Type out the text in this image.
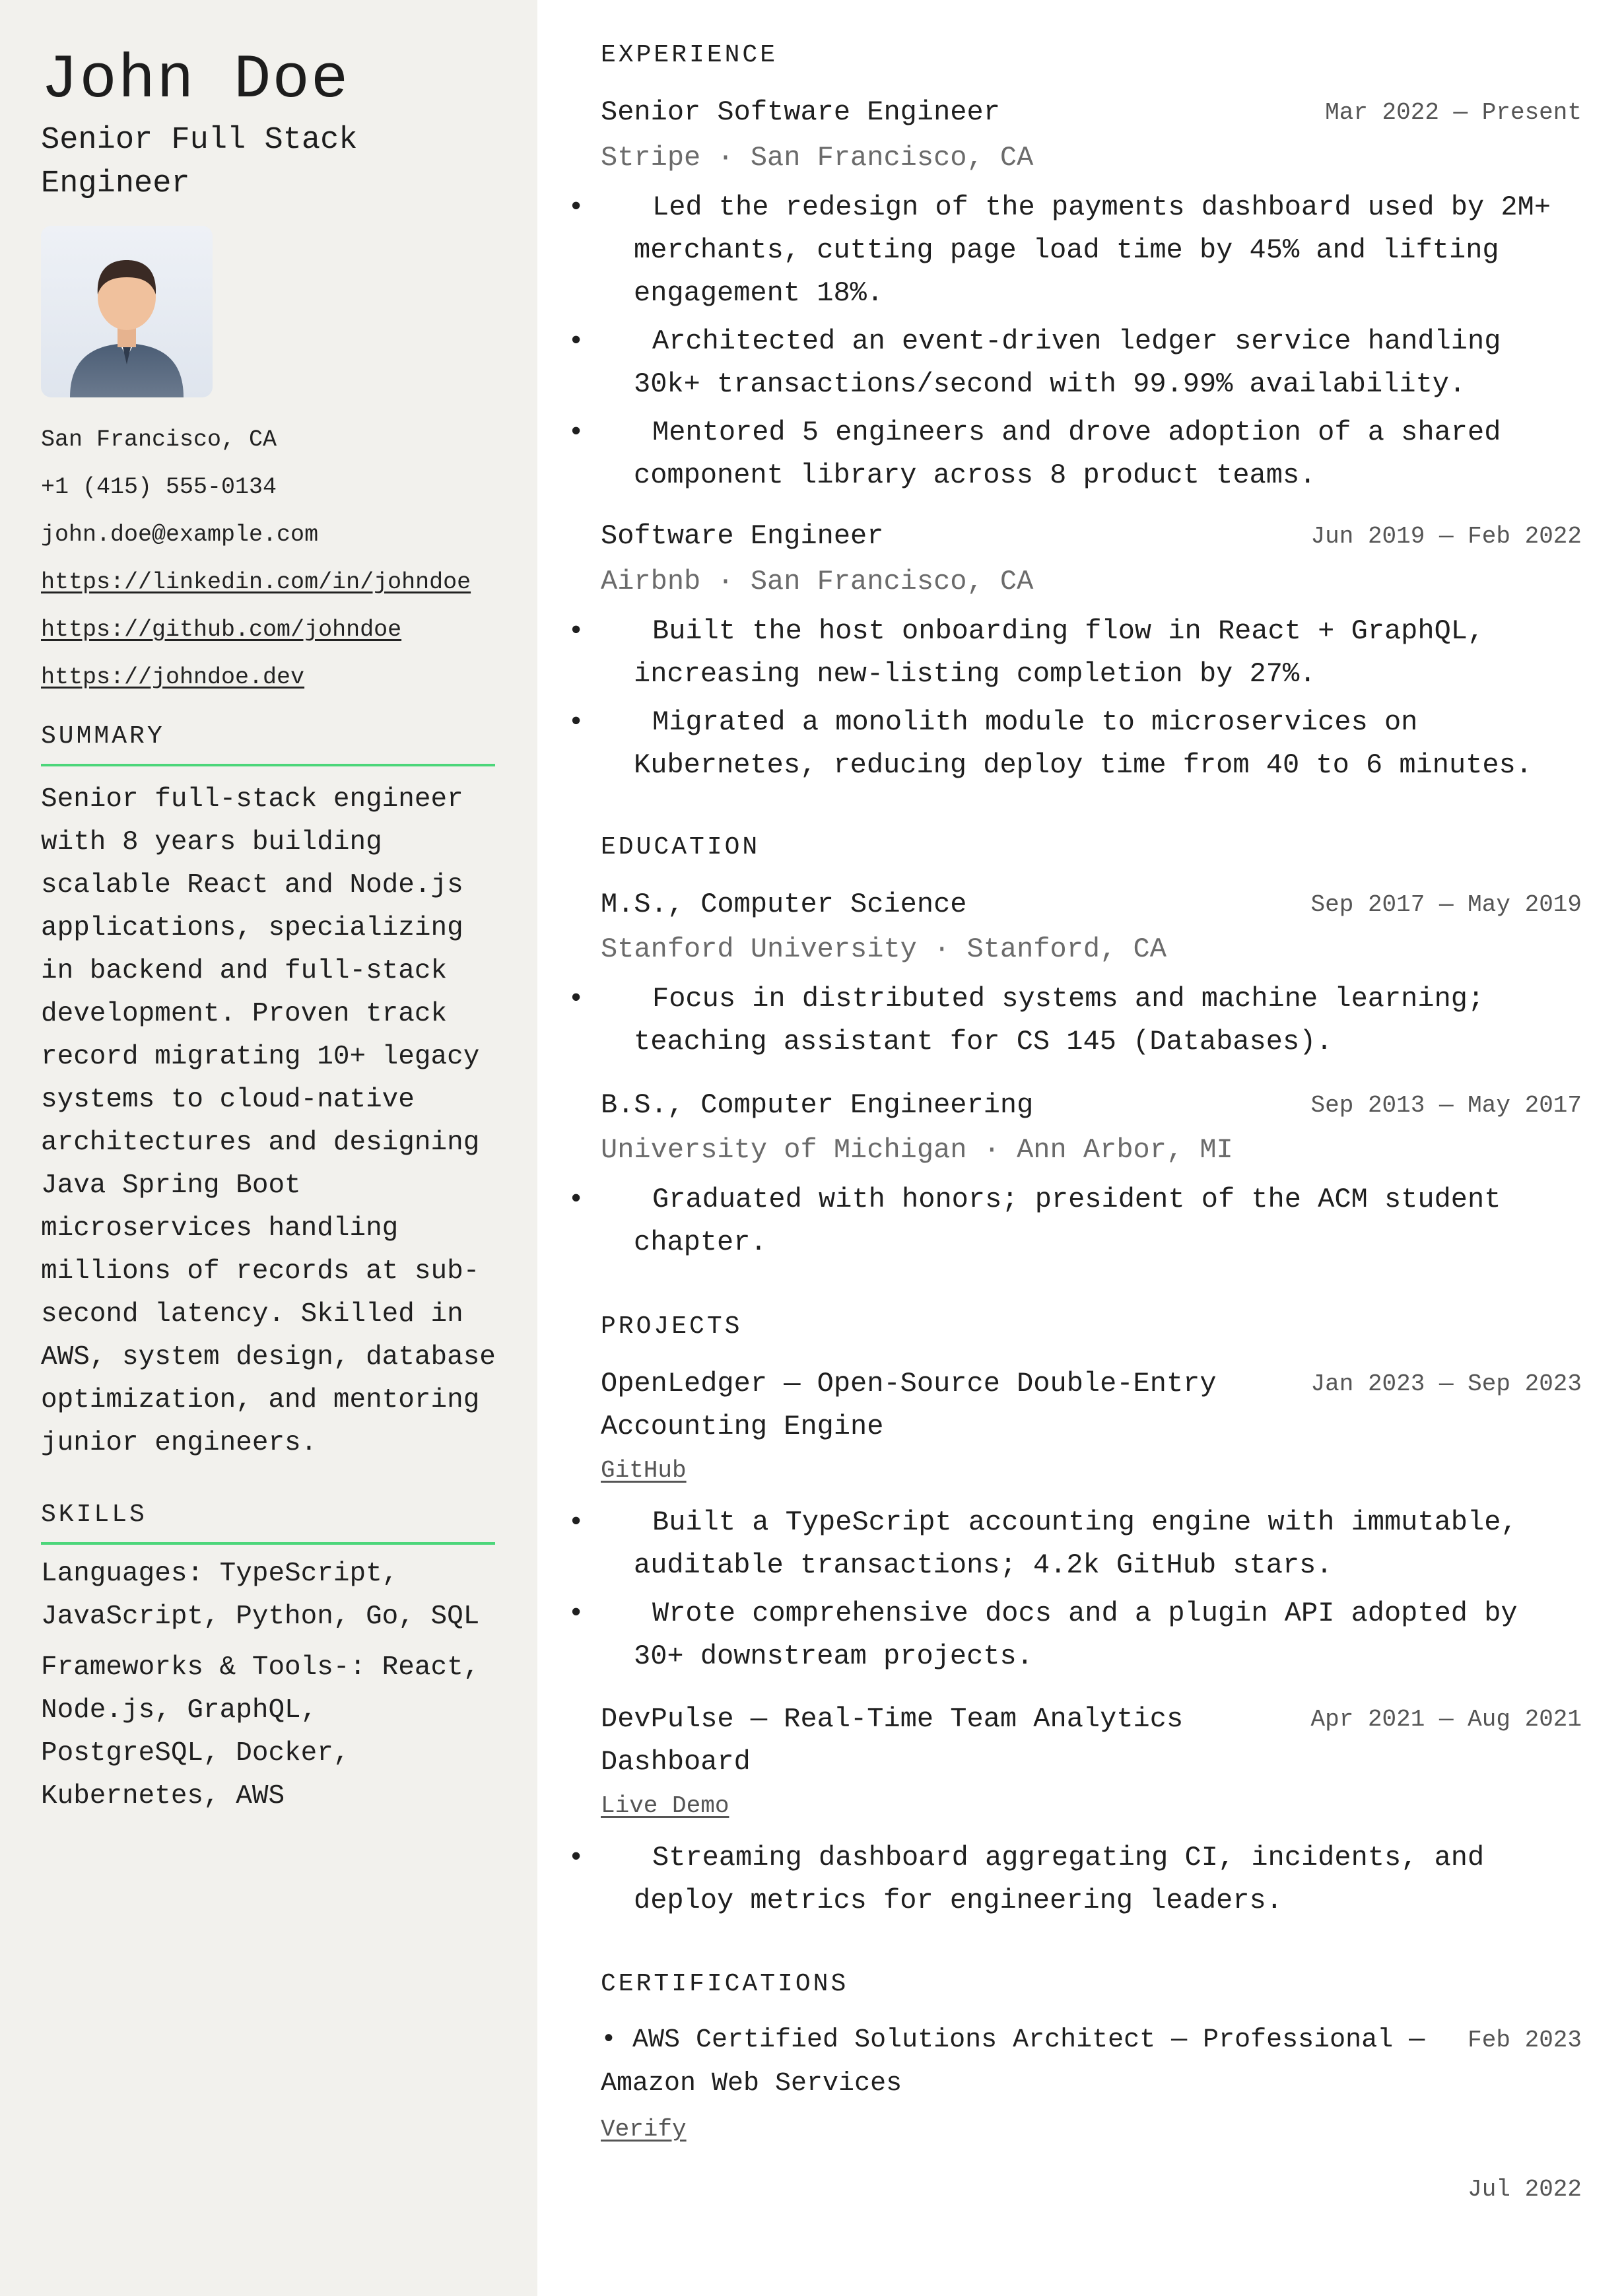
John Doe
Senior Full Stack Engineer
San Francisco, CA
+1 (415) 555-0134
john.doe@example.com
https://linkedin.com/in/johndoe
https://github.com/johndoe
https://johndoe.dev
SUMMARY
Senior full-stack engineer with 8 years building scalable React and Node.js applications, specializing in backend and full-stack development. Proven track record migrating 10+ legacy systems to cloud-native architectures and designing Java Spring Boot microservices handling millions of records at sub-second latency. Skilled in AWS, system design, database optimization, and mentoring junior engineers.
SKILLS
Languages: TypeScript, JavaScript, Python, Go, SQL
Frameworks & Tools-: React, Node.js, GraphQL, PostgreSQL, Docker, Kubernetes, AWS
EXPERIENCE
Senior Software Engineer	Mar 2022 — Present
Stripe · San Francisco, CA
• Led the redesign of the payments dashboard used by 2M+ merchants, cutting page load time by 45% and lifting engagement 18%.
• Architected an event-driven ledger service handling 30k+ transactions/second with 99.99% availability.
• Mentored 5 engineers and drove adoption of a shared component library across 8 product teams.
Software Engineer	Jun 2019 — Feb 2022
Airbnb · San Francisco, CA
• Built the host onboarding flow in React + GraphQL, increasing new-listing completion by 27%.
• Migrated a monolith module to microservices on Kubernetes, reducing deploy time from 40 to 6 minutes.
EDUCATION
M.S., Computer Science	Sep 2017 — May 2019
Stanford University · Stanford, CA
• Focus in distributed systems and machine learning; teaching assistant for CS 145 (Databases).
B.S., Computer Engineering	Sep 2013 — May 2017
University of Michigan · Ann Arbor, MI
• Graduated with honors; president of the ACM student chapter.
PROJECTS
OpenLedger — Open-Source Double-Entry Accounting Engine
Jan 2023 — Sep 2023
GitHub
• Built a TypeScript accounting engine with immutable, auditable transactions; 4.2k GitHub stars.
• Wrote comprehensive docs and a plugin API adopted by 30+ downstream projects.
DevPulse — Real-Time Team Analytics Dashboard
Apr 2021 — Aug 2021
Live Demo
• Streaming dashboard aggregating CI, incidents, and deploy metrics for engineering leaders.
CERTIFICATIONS
• AWS Certified Solutions Architect — Professional — Feb 2023
Amazon Web Services
Verify
Jul 2022
